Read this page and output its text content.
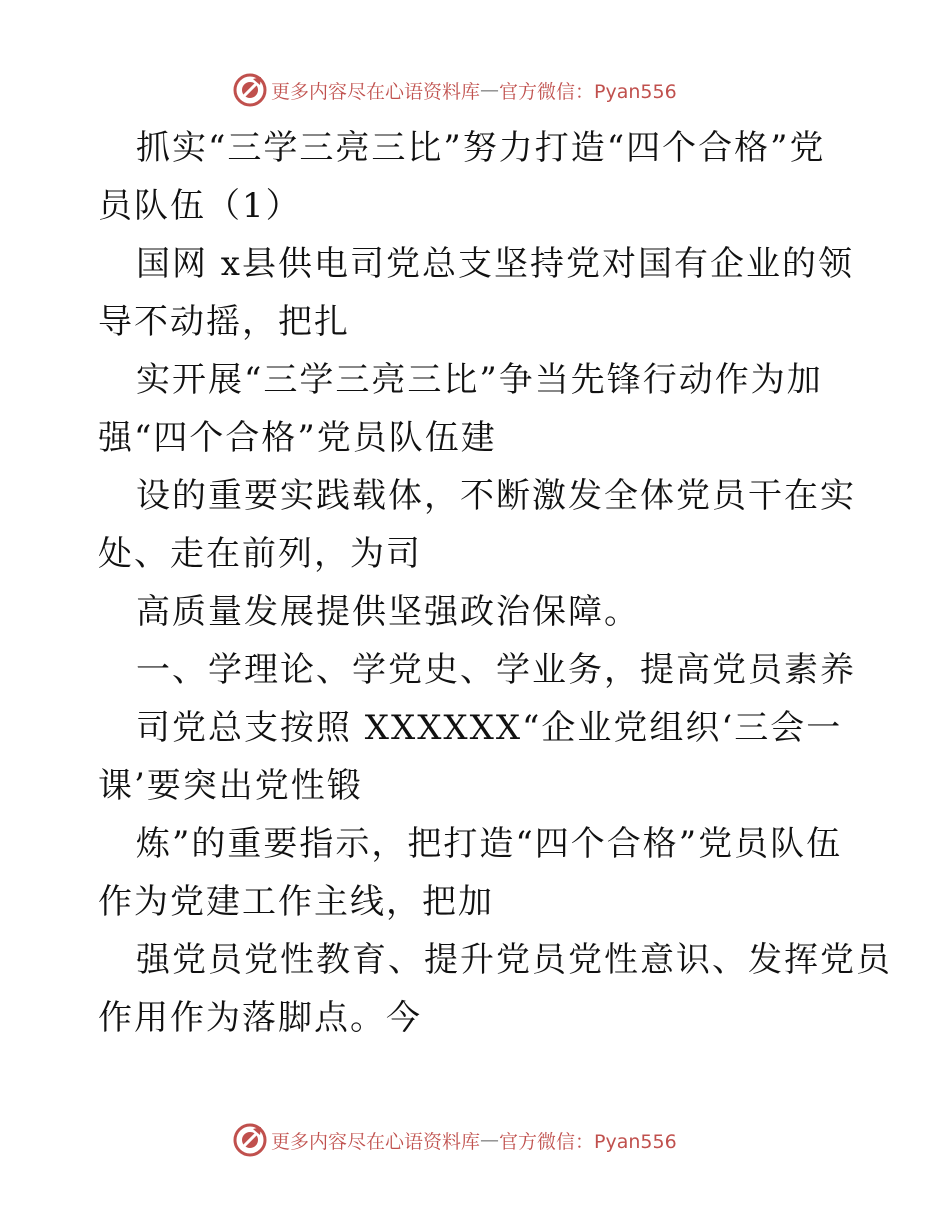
更多内容尽在心语资料库 — 官方微信：Pyan556
抓实“三学三亮三比”努力打造“四个合格”党
员队伍（1）
国网 x县供电司党总支坚持党对国有企业的领
导不动摇，把扎
实开展“三学三亮三比”争当先锋行动作为加
强“四个合格”党员队伍建
设的重要实践载体，不断激发全体党员干在实
处、走在前列，为司
高质量发展提供坚强政治保障。
一、学理论、学党史、学业务，提高党员素养
司党总支按照 XXXXXX“企业党组织‘三会一
课’要突出党性锻
炼”的重要指示，把打造“四个合格”党员队伍
作为党建工作主线，把加
强党员党性教育、提升党员党性意识、发挥党员
作用作为落脚点。今
更多内容尽在心语资料库 — 官方微信：Pyan556
